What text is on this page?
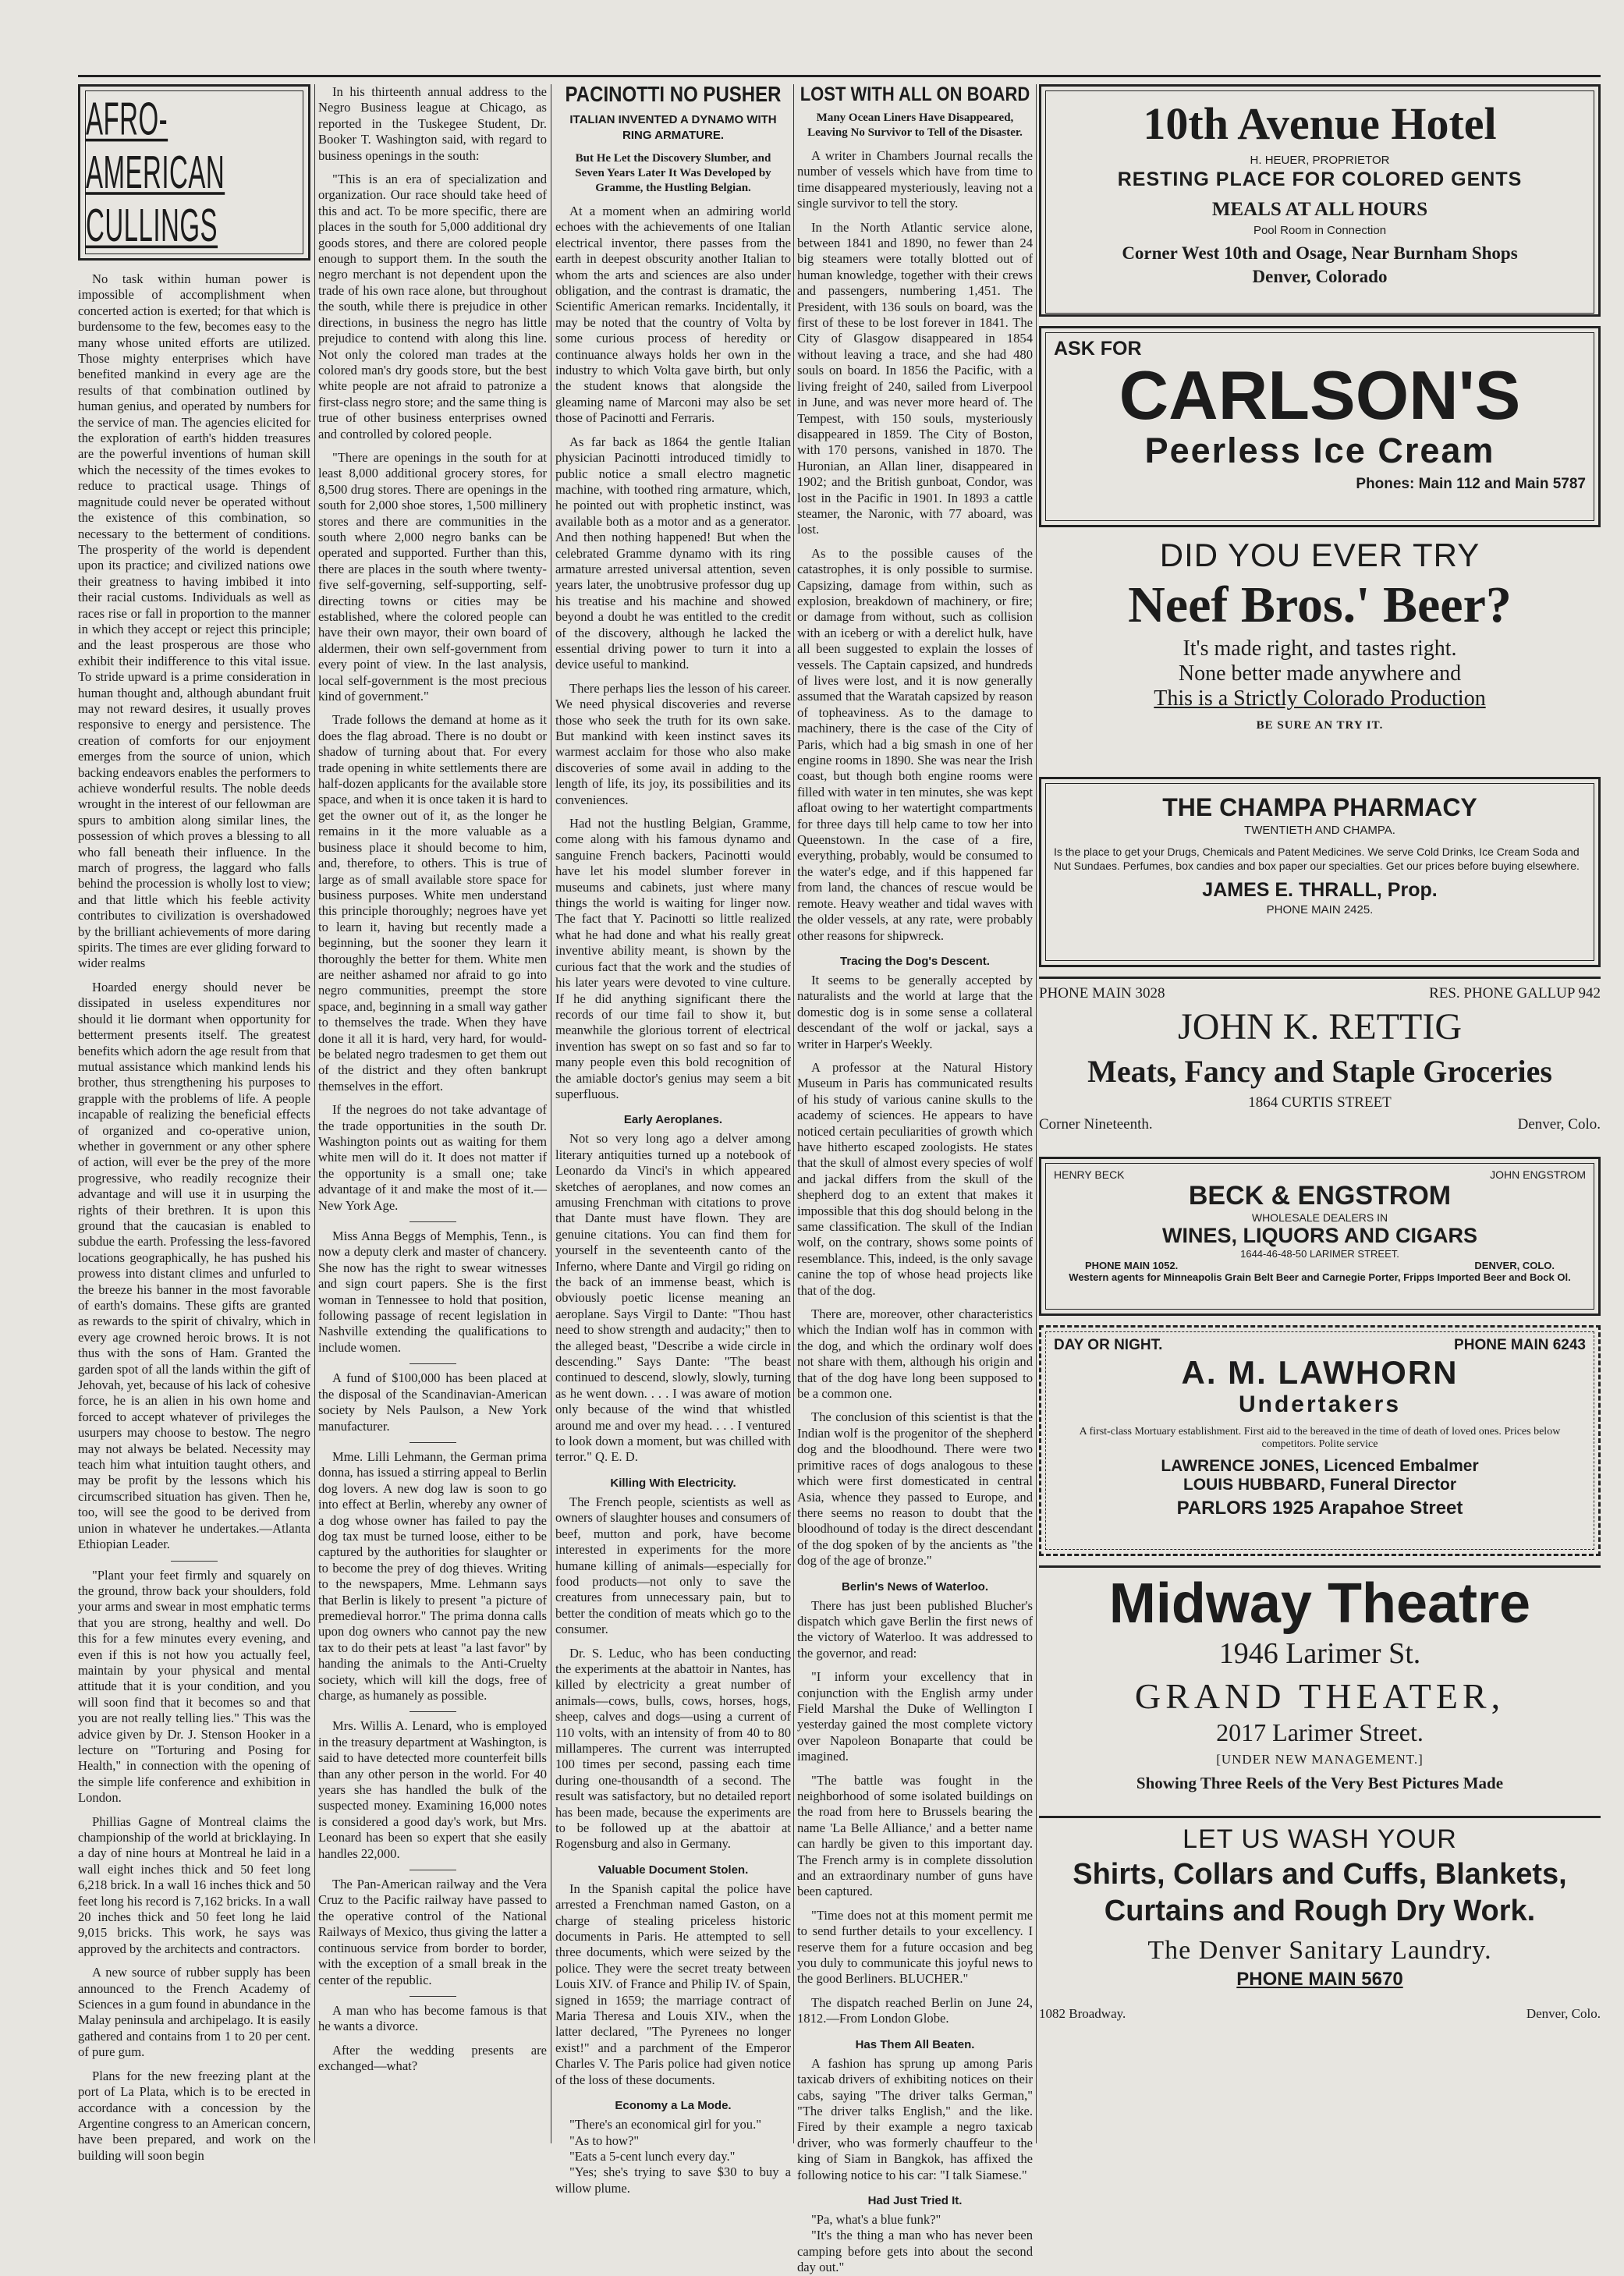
AFRO-AMERICAN CULLINGS

No task within human power is impossible of accomplishment when concerted action is exerted; for that which is burdensome to the few, becomes easy to the many whose united efforts are utilized. Those mighty enterprises which have benefited mankind in every age are the results of that combination outlined by human genius, and operated by numbers for the service of man. The agencies elicited for the exploration of earth's hidden treasures are the powerful inventions of human skill which the necessity of the times evokes to reduce to practical usage. Things of magnitude could never be operated without the existence of this combination, so necessary to the betterment of conditions. The prosperity of the world is dependent upon its practice; and civilized nations owe their greatness to having imbibed it into their racial customs. Individuals as well as races rise or fall in proportion to the manner in which they accept or reject this principle; and the least prosperous are those who exhibit their indifference to this vital issue. To stride upward is a prime consideration in human thought and, although abundant fruit may not reward desires, it usually proves responsive to energy and persistence. The creation of comforts for our enjoyment emerges from the source of union, which backing endeavors enables the performers to achieve wonderful results. The noble deeds wrought in the interest of our fellowman are spurs to ambition along similar lines, the possession of which proves a blessing to all who fall beneath their influence. In the march of progress, the laggard who falls behind the procession is wholly lost to view; and that little which his feeble activity contributes to civilization is overshadowed by the brilliant achievements of more daring spirits. The times are ever gliding forward to wider realms

Hoarded energy should never be dissipated in useless expenditures nor should it lie dormant when opportunity for betterment presents itself. The greatest benefits which adorn the age result from that mutual assistance which mankind lends his brother, thus strengthening his purposes to grapple with the problems of life. A people incapable of realizing the beneficial effects of organized and co-operative union, whether in government or any other sphere of action, will ever be the prey of the more progressive, who readily recognize their advantage and will use it in usurping the rights of their brethren. It is upon this ground that the caucasian is enabled to subdue the earth. Professing the less-favored locations geographically, he has pushed his prowess into distant climes and unfurled to the breeze his banner in the most favorable of earth's domains. These gifts are granted as rewards to the spirit of chivalry, which in every age crowned heroic brows. It is not thus with the sons of Ham. Granted the garden spot of all the lands within the gift of Jehovah, yet, because of his lack of cohesive force, he is an alien in his own home and forced to accept whatever of privileges the usurpers may choose to bestow. The negro may not always be belated. Necessity may teach him what intuition taught others, and may be profit by the lessons which his circumscribed situation has given. Then he, too, will see the good to be derived from union in whatever he undertakes.—Atlanta Ethiopian Leader.

"Plant your feet firmly and squarely on the ground, throw back your shoulders, fold your arms and swear in most emphatic terms that you are strong, healthy and well. Do this for a few minutes every evening, and even if this is not how you actually feel, maintain by your physical and mental attitude that it is your condition, and you will soon find that it becomes so and that you are not really telling lies." This was the advice given by Dr. J. Stenson Hooker in a lecture on "Torturing and Posing for Health," in connection with the opening of the simple life conference and exhibition in London.

Phillias Gagne of Montreal claims the championship of the world at bricklaying. In a day of nine hours at Montreal he laid in a wall eight inches thick and 50 feet long 6,218 brick. In a wall 16 inches thick and 50 feet long his record is 7,162 bricks. In a wall 20 inches thick and 50 feet long he laid 9,015 bricks. This work, he says was approved by the architects and contractors.

A new source of rubber supply has been announced to the French Academy of Sciences in a gum found in abundance in the Malay peninsula and archipelago. It is easily gathered and contains from 1 to 20 per cent. of pure gum.

Plans for the new freezing plant at the port of La Plata, which is to be erected in accordance with a concession by the Argentine congress to an American concern, have been prepared, and work on the building will soon begin

In his thirteenth annual address to the Negro Business league at Chicago, as reported in the Tuskegee Student, Dr. Booker T. Washington said, with regard to business openings in the south:

"This is an era of specialization and organization. Our race should take heed of this and act. To be more specific, there are places in the south for 5,000 additional dry goods stores, and there are colored people enough to support them. In the south the negro merchant is not dependent upon the trade of his own race alone, but throughout the south, while there is prejudice in other directions, in business the negro has little prejudice to contend with along this line. Not only the colored man trades at the colored man's dry goods store, but the best white people are not afraid to patronize a first-class negro store; and the same thing is true of other business enterprises owned and controlled by colored people.

"There are openings in the south for at least 8,000 additional grocery stores, for 8,500 drug stores. There are openings in the south for 2,000 shoe stores, 1,500 millinery stores and there are communities in the south where 2,000 negro banks can be operated and supported. Further than this, there are places in the south where twenty-five self-governing, self-supporting, self-directing towns or cities may be established, where the colored people can have their own mayor, their own board of aldermen, their own self-government from every point of view. In the last analysis, local self-government is the most precious kind of government."

Trade follows the demand at home as it does the flag abroad. There is no doubt or shadow of turning about that. For every trade opening in white settlements there are half-dozen applicants for the available store space, and when it is once taken it is hard to get the owner out of it, as the longer he remains in it the more valuable as a business place it should become to him, and, therefore, to others. This is true of large as of small available store space for business purposes. White men understand this principle thoroughly; negroes have yet to learn it, having but recently made a beginning, but the sooner they learn it thoroughly the better for them. White men are neither ashamed nor afraid to go into negro communities, preempt the store space, and, beginning in a small way gather to themselves the trade. When they have done it all it is hard, very hard, for would-be belated negro tradesmen to get them out of the district and they often bankrupt themselves in the effort.

If the negroes do not take advantage of the trade opportunities in the south Dr. Washington points out as waiting for them white men will do it. It does not matter if the opportunity is a small one; take advantage of it and make the most of it.—New York Age.

Miss Anna Beggs of Memphis, Tenn., is now a deputy clerk and master of chancery. She now has the right to swear witnesses and sign court papers. She is the first woman in Tennessee to hold that position, following passage of recent legislation in Nashville extending the qualifications to include women.

A fund of $100,000 has been placed at the disposal of the Scandinavian-American society by Nels Paulson, a New York manufacturer.

Mme. Lilli Lehmann, the German prima donna, has issued a stirring appeal to Berlin dog lovers. A new dog law is soon to go into effect at Berlin, whereby any owner of a dog whose owner has failed to pay the dog tax must be turned loose, either to be captured by the authorities for slaughter or to become the prey of dog thieves. Writing to the newspapers, Mme. Lehmann says that Berlin is likely to present "a picture of premedieval horror." The prima donna calls upon dog owners who cannot pay the new tax to do their pets at least "a last favor" by handing the animals to the Anti-Cruelty society, which will kill the dogs, free of charge, as humanely as possible.

Mrs. Willis A. Lenard, who is employed in the treasury department at Washington, is said to have detected more counterfeit bills than any other person in the world. For 40 years she has handled the bulk of the suspected money. Examining 16,000 notes is considered a good day's work, but Mrs. Leonard has been so expert that she easily handles 22,000.

The Pan-American railway and the Vera Cruz to the Pacific railway have passed to the operative control of the National Railways of Mexico, thus giving the latter a continuous service from border to border, with the exception of a small break in the center of the republic.

A man who has become famous is that he wants a divorce.

After the wedding presents are exchanged—what?

PACINOTTI NO PUSHER
ITALIAN INVENTED A DYNAMO WITH RING ARMATURE.
But He Let the Discovery Slumber, and Seven Years Later It Was Developed by Gramme, the Hustling Belgian.

At a moment when an admiring world echoes with the achievements of one Italian electrical inventor, there passes from the earth in deepest obscurity another Italian to whom the arts and sciences are also under obligation, and the contrast is dramatic, the Scientific American remarks. Incidentally, it may be noted that the country of Volta by some curious process of heredity or continuance always holds her own in the industry to which Volta gave birth, but only the student knows that alongside the gleaming name of Marconi may also be set those of Pacinotti and Ferraris.

As far back as 1864 the gentle Italian physician Pacinotti introduced timidly to public notice a small electro magnetic machine, with toothed ring armature, which, he pointed out with prophetic instinct, was available both as a motor and as a generator. And then nothing happened! But when the celebrated Gramme dynamo with its ring armature arrested universal attention, seven years later, the unobtrusive professor dug up his treatise and his machine and showed beyond a doubt he was entitled to the credit of the discovery, although he lacked the essential driving power to turn it into a device useful to mankind.

There perhaps lies the lesson of his career. We need physical discoveries and reverse those who seek the truth for its own sake. But mankind with keen instinct saves its warmest acclaim for those who also make discoveries of some avail in adding to the length of life, its joy, its possibilities and its conveniences.

Had not the hustling Belgian, Gramme, come along with his famous dynamo and sanguine French backers, Pacinotti would have let his model slumber forever in museums and cabinets, just where many things the world is waiting for linger now. The fact that Y. Pacinotti so little realized what he had done and what his really great inventive ability meant, is shown by the curious fact that the work and the studies of his later years were devoted to vine culture. If he did anything significant there the records of our time fail to show it, but meanwhile the glorious torrent of electrical invention has swept on so fast and so far to many people even this bold recognition of the amiable doctor's genius may seem a bit superfluous.

Early Aeroplanes.

Not so very long ago a delver among literary antiquities turned up a notebook of Leonardo da Vinci's in which appeared sketches of aeroplanes, and now comes an amusing Frenchman with citations to prove that Dante must have flown. They are genuine citations. You can find them for yourself in the seventeenth canto of the Inferno, where Dante and Virgil go riding on the back of an immense beast, which is obviously poetic license meaning an aeroplane. Says Virgil to Dante: "Thou hast need to show strength and audacity;" then to the alleged beast, "Describe a wide circle in descending." Says Dante: "The beast continued to descend, slowly, slowly, turning as he went down. . . . I was aware of motion only because of the wind that whistled around me and over my head. . . . I ventured to look down a moment, but was chilled with terror." Q. E. D.

Killing With Electricity.

The French people, scientists as well as owners of slaughter houses and consumers of beef, mutton and pork, have become interested in experiments for the more humane killing of animals—especially for food products—not only to save the creatures from unnecessary pain, but to better the condition of meats which go to the consumer.

Dr. S. Leduc, who has been conducting the experiments at the abattoir in Nantes, has killed by electricity a great number of animals—cows, bulls, cows, horses, hogs, sheep, calves and dogs—using a current of 110 volts, with an intensity of from 40 to 80 millamperes. The current was interrupted 100 times per second, passing each time during one-thousandth of a second. The result was satisfactory, but no detailed report has been made, because the experiments are to be followed up at the abattoir at Rogensburg and also in Germany.

Valuable Document Stolen.

In the Spanish capital the police have arrested a Frenchman named Gaston, on a charge of stealing priceless historic documents in Paris. He attempted to sell three documents, which were seized by the police. They were the secret treaty between Louis XIV. of France and Philip IV. of Spain, signed in 1659; the marriage contract of Maria Theresa and Louis XIV., when the latter declared, "The Pyrenees no longer exist!" and a parchment of the Emperor Charles V. The Paris police had given notice of the loss of these documents.

Economy a La Mode.

"There's an economical girl for you."

"As to how?"

"Eats a 5-cent lunch every day."

"Yes; she's trying to save $30 to buy a willow plume.

LOST WITH ALL ON BOARD
Many Ocean Liners Have Disappeared, Leaving No Survivor to Tell of the Disaster.

A writer in Chambers Journal recalls the number of vessels which have from time to time disappeared mysteriously, leaving not a single survivor to tell the story.

In the North Atlantic service alone, between 1841 and 1890, no fewer than 24 big steamers were totally blotted out of human knowledge, together with their crews and passengers, numbering 1,451. The President, with 136 souls on board, was the first of these to be lost forever in 1841. The City of Glasgow disappeared in 1854 without leaving a trace, and she had 480 souls on board. In 1856 the Pacific, with a living freight of 240, sailed from Liverpool in June, and was never more heard of. The Tempest, with 150 souls, mysteriously disappeared in 1859. The City of Boston, with 170 persons, vanished in 1870. The Huronian, an Allan liner, disappeared in 1902; and the British gunboat, Condor, was lost in the Pacific in 1901. In 1893 a cattle steamer, the Naronic, with 77 aboard, was lost.

As to the possible causes of the catastrophes, it is only possible to surmise. Capsizing, damage from within, such as explosion, breakdown of machinery, or fire; or damage from without, such as collision with an iceberg or with a derelict hulk, have all been suggested to explain the losses of vessels. The Captain capsized, and hundreds of lives were lost, and it is now generally assumed that the Waratah capsized by reason of topheaviness. As to the damage to machinery, there is the case of the City of Paris, which had a big smash in one of her engine rooms in 1890. She was near the Irish coast, but though both engine rooms were filled with water in ten minutes, she was kept afloat owing to her watertight compartments for three days till help came to tow her into Queenstown. In the case of a fire, everything, probably, would be consumed to the water's edge, and if this happened far from land, the chances of rescue would be remote. Heavy weather and tidal waves with the older vessels, at any rate, were probably other reasons for shipwreck.

Tracing the Dog's Descent.

It seems to be generally accepted by naturalists and the world at large that the domestic dog is in some sense a collateral descendant of the wolf or jackal, says a writer in Harper's Weekly.

A professor at the Natural History Museum in Paris has communicated results of his study of various canine skulls to the academy of sciences. He appears to have noticed certain peculiarities of growth which have hitherto escaped zoologists. He states that the skull of almost every species of wolf and jackal differs from the skull of the shepherd dog to an extent that makes it impossible that this dog should belong in the same classification. The skull of the Indian wolf, on the contrary, shows some points of resemblance. This, indeed, is the only savage canine the top of whose head projects like that of the dog.

There are, moreover, other characteristics which the Indian wolf has in common with the dog, and which the ordinary wolf does not share with them, although his origin and that of the dog have long been supposed to be a common one.

The conclusion of this scientist is that the Indian wolf is the progenitor of the shepherd dog and the bloodhound. There were two primitive races of dogs analogous to these which were first domesticated in central Asia, whence they passed to Europe, and there seems no reason to doubt that the bloodhound of today is the direct descendant of the dog spoken of by the ancients as "the dog of the age of bronze."

Berlin's News of Waterloo.

There has just been published Blucher's dispatch which gave Berlin the first news of the victory of Waterloo. It was addressed to the governor, and read:

"I inform your excellency that in conjunction with the English army under Field Marshal the Duke of Wellington I yesterday gained the most complete victory over Napoleon Bonaparte that could be imagined.

"The battle was fought in the neighborhood of some isolated buildings on the road from here to Brussels bearing the name 'La Belle Alliance,' and a better name can hardly be given to this important day. The French army is in complete dissolution and an extraordinary number of guns have been captured.

"Time does not at this moment permit me to send further details to your excellency. I reserve them for a future occasion and beg you duly to communicate this joyful news to the good Berliners. BLUCHER."

The dispatch reached Berlin on June 24, 1812.—From London Globe.

Has Them All Beaten.

A fashion has sprung up among Paris taxicab drivers of exhibiting notices on their cabs, saying "The driver talks German," "The driver talks English," and the like. Fired by their example a negro taxicab driver, who was formerly chauffeur to the king of Siam in Bangkok, has affixed the following notice to his car: "I talk Siamese."

Had Just Tried It.

"Pa, what's a blue funk?"

"It's the thing a man who has never been camping before gets into about the second day out."

10th Avenue Hotel
H. HEUER, PROPRIETOR
RESTING PLACE FOR COLORED GENTS
MEALS AT ALL HOURS
Pool Room in Connection
Corner West 10th and Osage, Near Burnham Shops
Denver, Colorado
ASK FOR
CARLSON'S
Peerless Ice Cream
Phones: Main 112 and Main 5787
DID YOU EVER TRY
Neef Bros.' Beer?
It's made right, and tastes right.
None better made anywhere and
This is a Strictly Colorado Production
BE SURE AN TRY IT.
THE CHAMPA PHARMACY
TWENTIETH AND CHAMPA.
Is the place to get your Drugs, Chemicals and Patent Medicines. We serve Cold Drinks, Ice Cream Soda and Nut Sundaes. Perfumes, box candies and box paper our specialties. Get our prices before buying elsewhere.
JAMES E. THRALL, Prop.
PHONE MAIN 2425.
PHONE MAIN 3028	RES. PHONE GALLUP 942
JOHN K. RETTIG
Meats, Fancy and Staple Groceries
1864 CURTIS STREET
Corner Nineteenth.	Denver, Colo.
HENRY BECK	JOHN ENGSTROM
BECK & ENGSTROM
WHOLESALE DEALERS IN
WINES, LIQUORS AND CIGARS
1644-46-48-50 LARIMER STREET.
PHONE MAIN 1052.	DENVER, COLO.
Western agents for Minneapolis Grain Belt Beer and Carnegie Porter, Fripps Imported Beer and Bock Ol.
DAY OR NIGHT.	PHONE MAIN 6243
A. M. LAWHORN
Undertakers
A first-class Mortuary establishment. First aid to the bereaved in the time of death of loved ones. Prices below competitors. Polite service
LAWRENCE JONES, Licenced Embalmer
LOUIS HUBBARD, Funeral Director
PARLORS 1925 Arapahoe Street
Midway Theatre
1946 Larimer St.
GRAND THEATER,
2017 Larimer Street.
[UNDER NEW MANAGEMENT.]
Showing Three Reels of the Very Best Pictures Made
LET US WASH YOUR
Shirts, Collars and Cuffs, Blankets,
Curtains and Rough Dry Work.
The Denver Sanitary Laundry.
PHONE MAIN 5670
1082 Broadway.	Denver, Colo.
